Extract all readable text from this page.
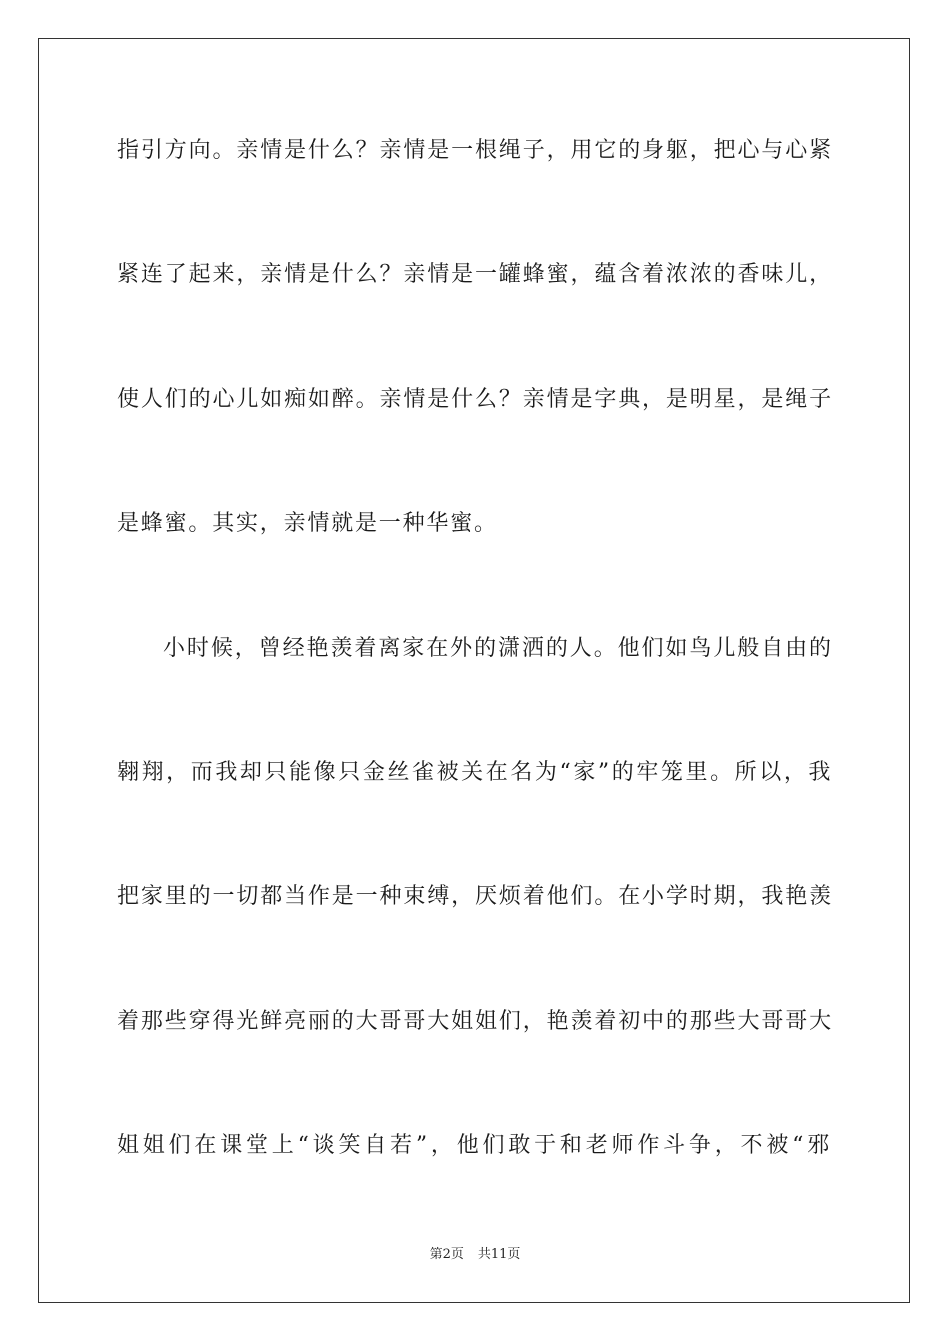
指引方向。亲情是什么？亲情是一根绳子，用它的身躯，把心与心紧
紧连了起来，亲情是什么？亲情是一罐蜂蜜，蕴含着浓浓的香味儿，
使人们的心儿如痴如醉。亲情是什么？亲情是字典，是明星，是绳子
是蜂蜜。其实，亲情就是一种华蜜。
小时候，曾经艳羡着离家在外的潇洒的人。他们如鸟儿般自由的
翱翔，而我却只能像只金丝雀被关在名为“家”的牢笼里。所以，我
把家里的一切都当作是一种束缚，厌烦着他们。在小学时期，我艳羡
着那些穿得光鲜亮丽的大哥哥大姐姐们，艳羡着初中的那些大哥哥大
姐姐们在课堂上“谈笑自若”，他们敢于和老师作斗争，不被“邪
第2页 共11页
